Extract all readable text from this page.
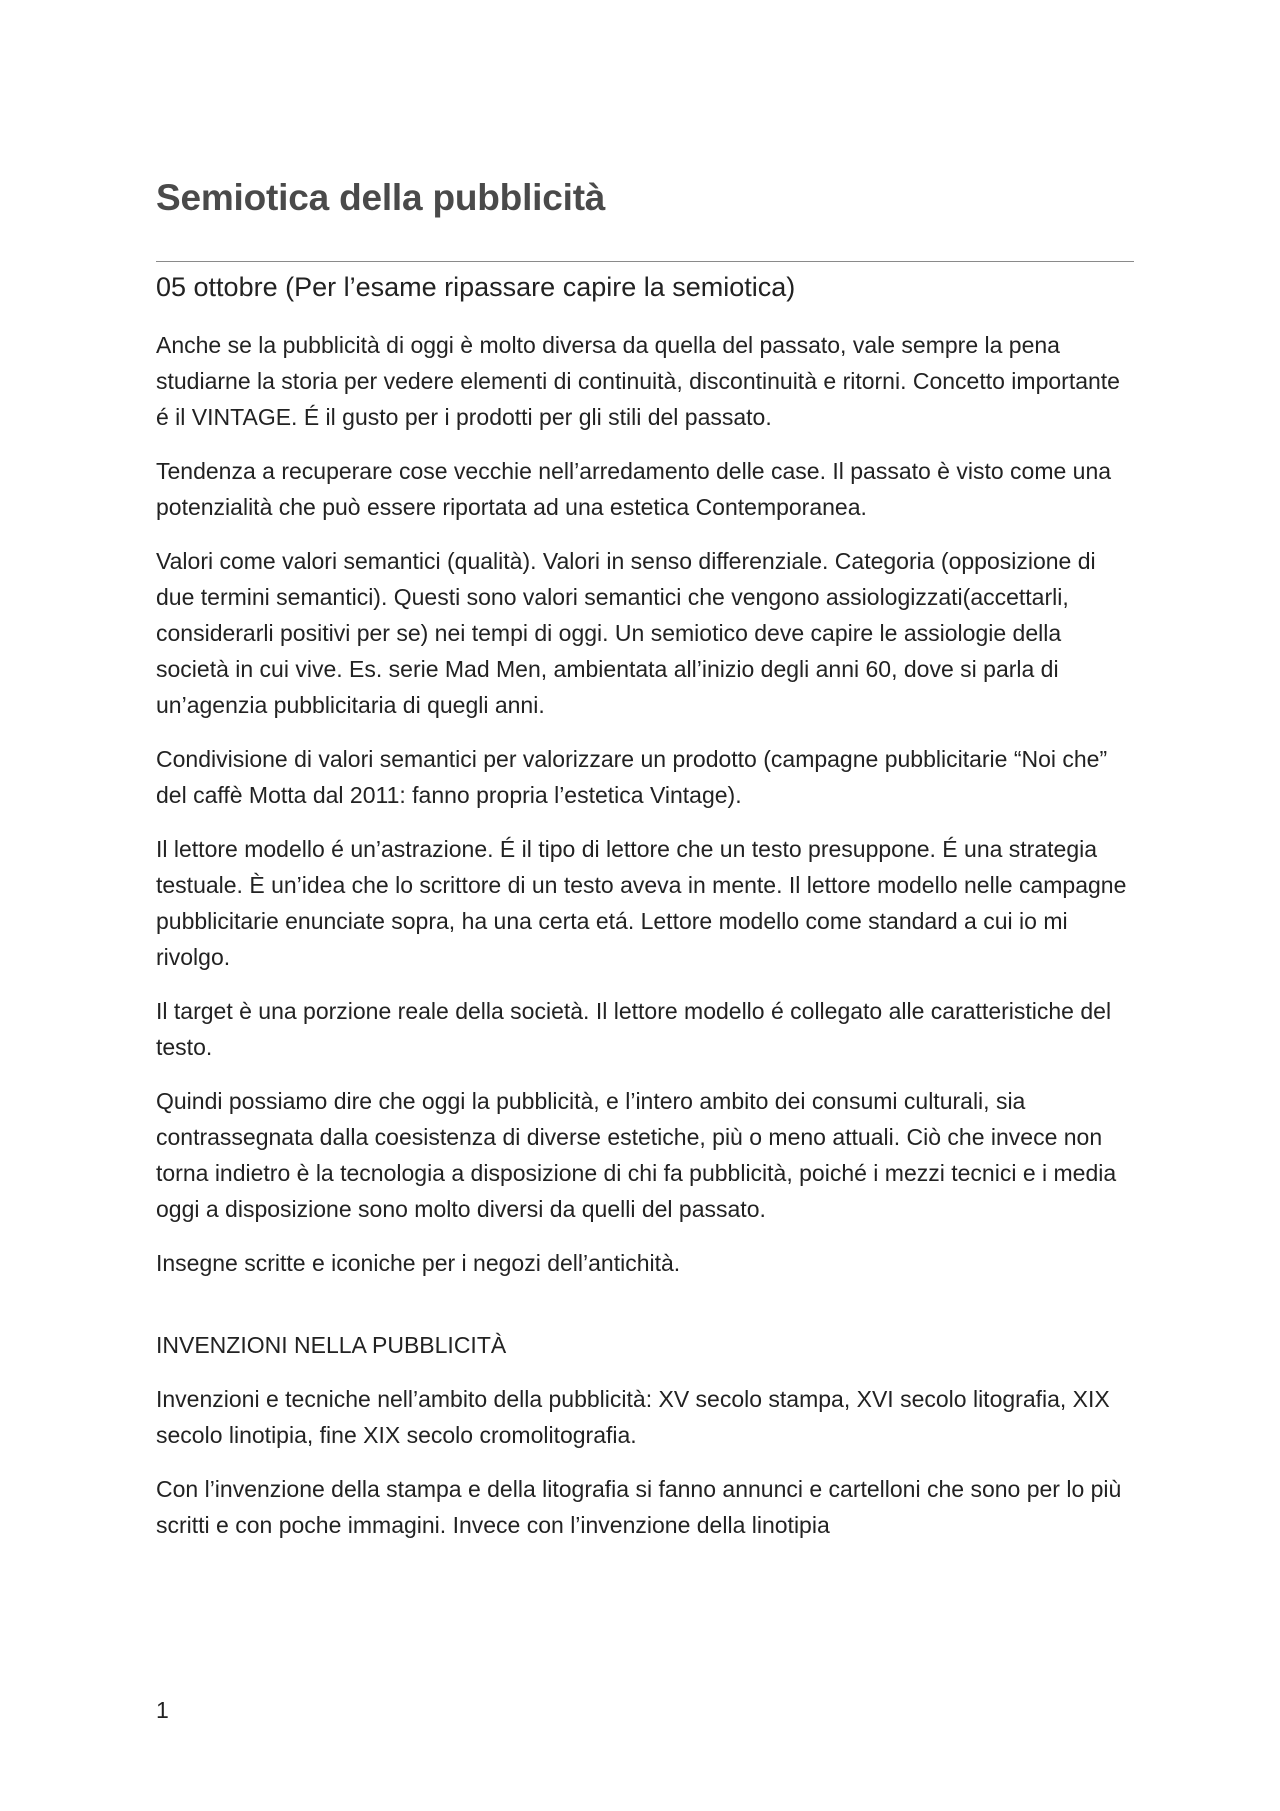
Semiotica della pubblicità
05 ottobre (Per l’esame ripassare capire la semiotica)

Anche se la pubblicità di oggi è molto diversa da quella del passato, vale sempre la pena studiarne la storia per vedere elementi di continuità, discontinuità e ritorni. Concetto importante é il VINTAGE. É il gusto per i prodotti per gli stili del passato.

Tendenza a recuperare cose vecchie nell’arredamento delle case. Il passato è visto come una potenzialità che può essere riportata ad una estetica Contemporanea.

Valori come valori semantici (qualità). Valori in senso differenziale. Categoria (opposizione di due termini semantici). Questi sono valori semantici che vengono assiologizzati(accettarli, considerarli positivi per se) nei tempi di oggi. Un semiotico deve capire le assiologie della società in cui vive. Es. serie Mad Men, ambientata all’inizio degli anni 60, dove si parla di un’agenzia pubblicitaria di quegli anni.

Condivisione di valori semantici per valorizzare un prodotto (campagne pubblicitarie “Noi che” del caffè Motta dal 2011: fanno propria l’estetica Vintage).

Il lettore modello é un’astrazione. É il tipo di lettore che un testo presuppone. É una strategia testuale. È un’idea che lo scrittore di un testo aveva in mente. Il lettore modello nelle campagne pubblicitarie enunciate sopra, ha una certa etá. Lettore modello come standard a cui io mi rivolgo.

Il target è una porzione reale della società. Il lettore modello é collegato alle caratteristiche del testo.

Quindi possiamo dire che oggi la pubblicità, e l’intero ambito dei consumi culturali, sia contrassegnata dalla coesistenza di diverse estetiche, più o meno attuali. Ciò che invece non torna indietro è la tecnologia a disposizione di chi fa pubblicità, poiché i mezzi tecnici e i media oggi a disposizione sono molto diversi da quelli del passato.

Insegne scritte e iconiche per i negozi dell’antichità.

INVENZIONI NELLA PUBBLICITÀ

Invenzioni e tecniche nell’ambito della pubblicità: XV secolo stampa, XVI secolo litografia, XIX secolo linotipia, fine XIX secolo cromolitografia.

Con l’invenzione della stampa e della litografia si fanno annunci e cartelloni che sono per lo più scritti e con poche immagini. Invece con l’invenzione della linotipia

1
